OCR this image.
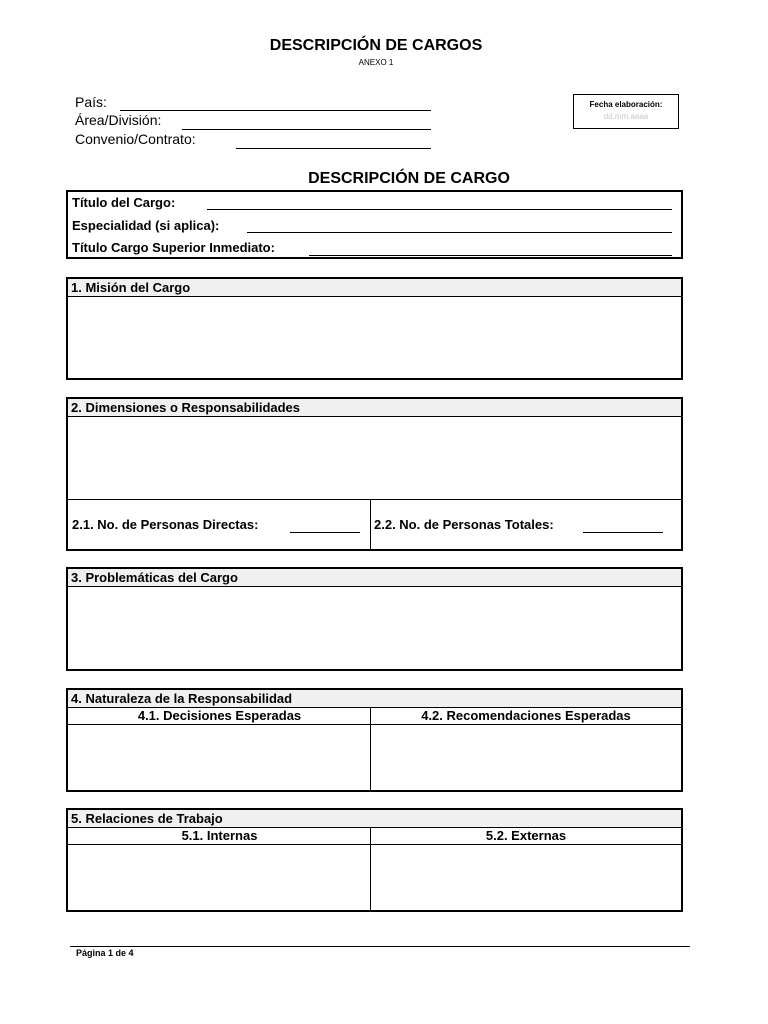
DESCRIPCIÓN DE CARGOS
ANEXO 1
País:
Área/División:
Convenio/Contrato:
Fecha elaboración:
dd.mm.aaaa
DESCRIPCIÓN DE CARGO
Título del Cargo:
Especialidad (si aplica):
Título Cargo Superior Inmediato:
1. Misión del Cargo
2. Dimensiones o Responsabilidades
2.1. No. de Personas Directas:	2.2. No. de Personas Totales:
3. Problemáticas del Cargo
4. Naturaleza de la Responsabilidad
4.1. Decisiones Esperadas	4.2. Recomendaciones Esperadas
5. Relaciones de Trabajo
5.1. Internas	5.2. Externas
Página 1 de 4
